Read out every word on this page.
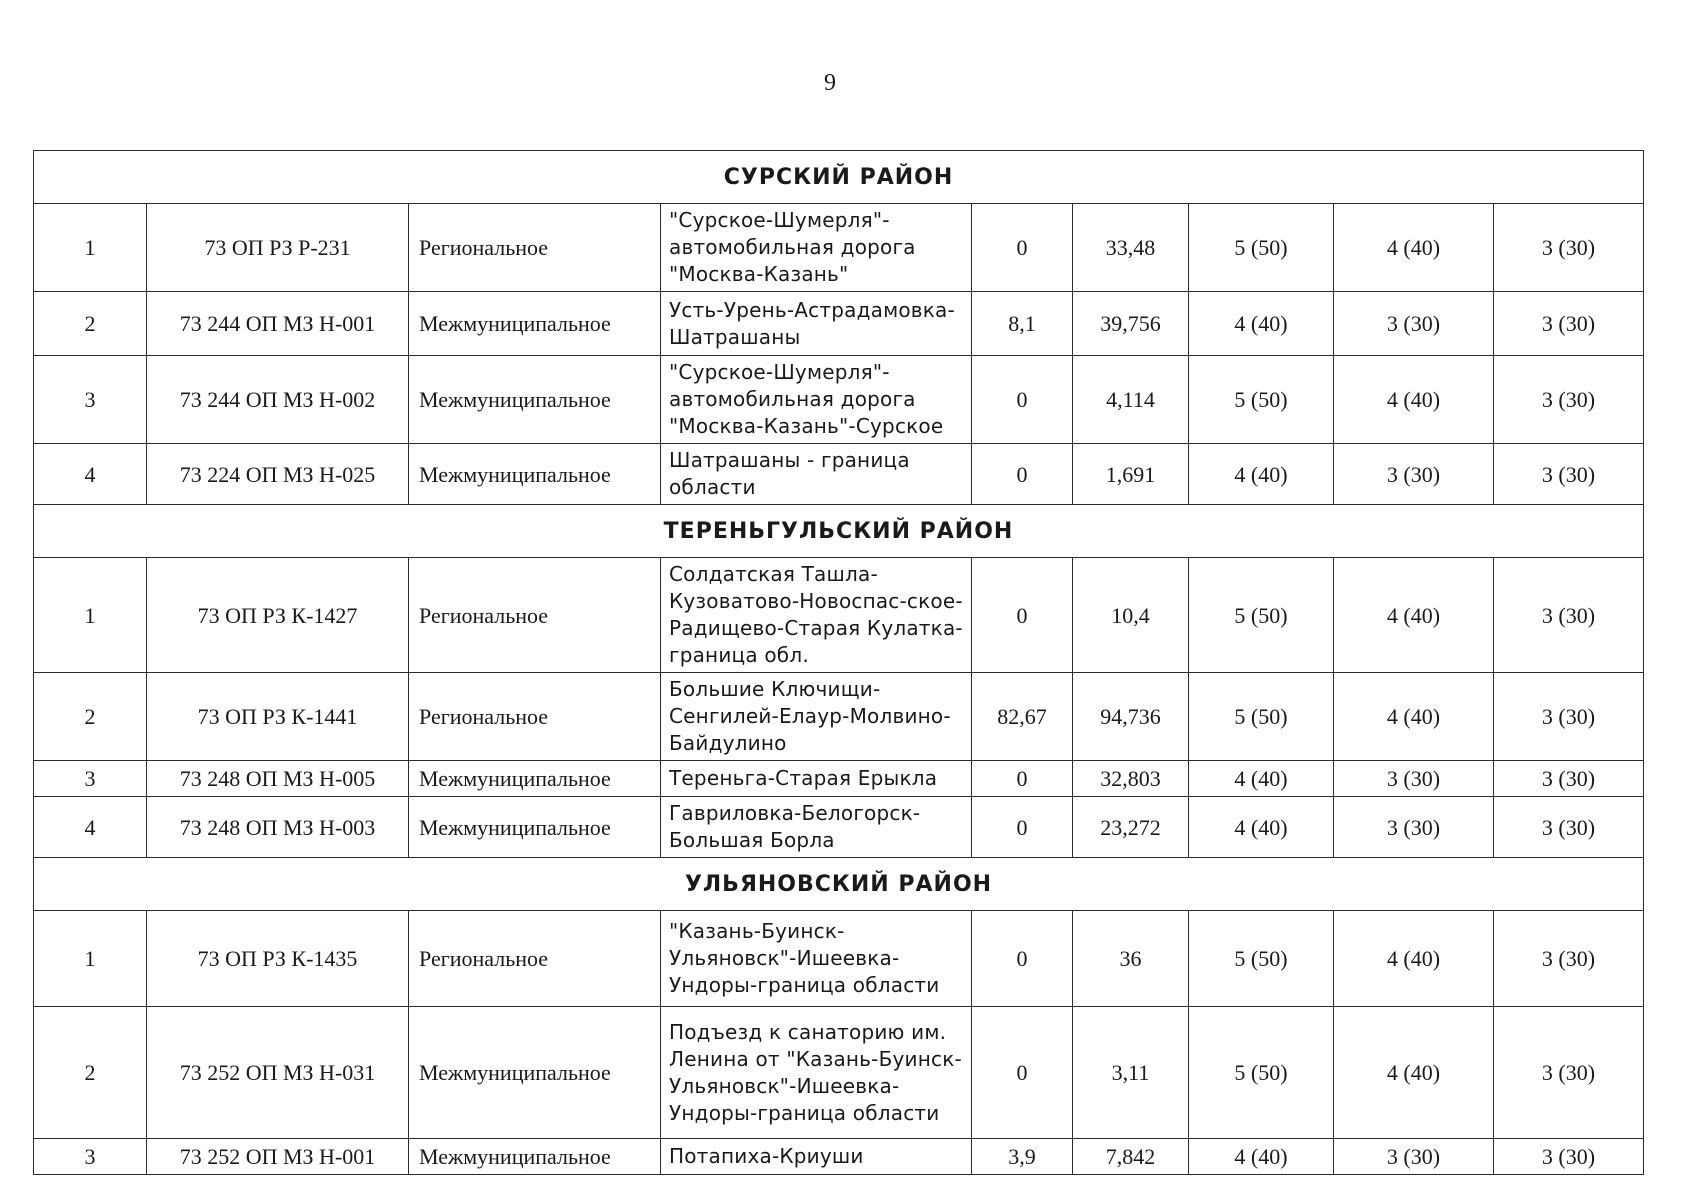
9
СУРСКИЙ РАЙОН								
1	73 ОП РЗ Р-231	Региональное	"Сурское-Шумерля"-автомобильная дорога "Москва-Казань"	0	33,48	5 (50)	4 (40)	3 (30)
2	73 244 ОП МЗ Н-001	Межмуниципальное	Усть-Урень-Астрадамовка-Шатрашаны	8,1	39,756	4 (40)	3 (30)	3 (30)
3	73 244 ОП МЗ Н-002	Межмуниципальное	"Сурское-Шумерля"-автомобильная дорога "Москва-Казань"-Сурское	0	4,114	5 (50)	4 (40)	3 (30)
4	73 224 ОП МЗ Н-025	Межмуниципальное	Шатрашаны - граница области	0	1,691	4 (40)	3 (30)	3 (30)
ТЕРЕНЬГУЛЬСКИЙ РАЙОН								
1	73 ОП РЗ К-1427	Региональное	Солдатская Ташла-Кузоватово-Новоспас-ское-Радищево-Старая Кулатка-граница обл.	0	10,4	5 (50)	4 (40)	3 (30)
2	73 ОП РЗ К-1441	Региональное	Большие Ключищи-Сенгилей-Елаур-Молвино-Байдулино	82,67	94,736	5 (50)	4 (40)	3 (30)
3	73 248 ОП МЗ Н-005	Межмуниципальное	Тереньга-Старая Ерыкла	0	32,803	4 (40)	3 (30)	3 (30)
4	73 248 ОП МЗ Н-003	Межмуниципальное	Гавриловка-Белогорск-Большая Борла	0	23,272	4 (40)	3 (30)	3 (30)
УЛЬЯНОВСКИЙ РАЙОН								
1	73 ОП РЗ К-1435	Региональное	"Казань-Буинск-Ульяновск"-Ишеевка-Ундоры-граница области	0	36	5 (50)	4 (40)	3 (30)
2	73 252 ОП МЗ Н-031	Межмуниципальное	Подъезд к санаторию им. Ленина от "Казань-Буинск-Ульяновск"-Ишеевка-Ундоры-граница области	0	3,11	5 (50)	4 (40)	3 (30)
3	73 252 ОП МЗ Н-001	Межмуниципальное	Потапиха-Криуши	3,9	7,842	4 (40)	3 (30)	3 (30)
